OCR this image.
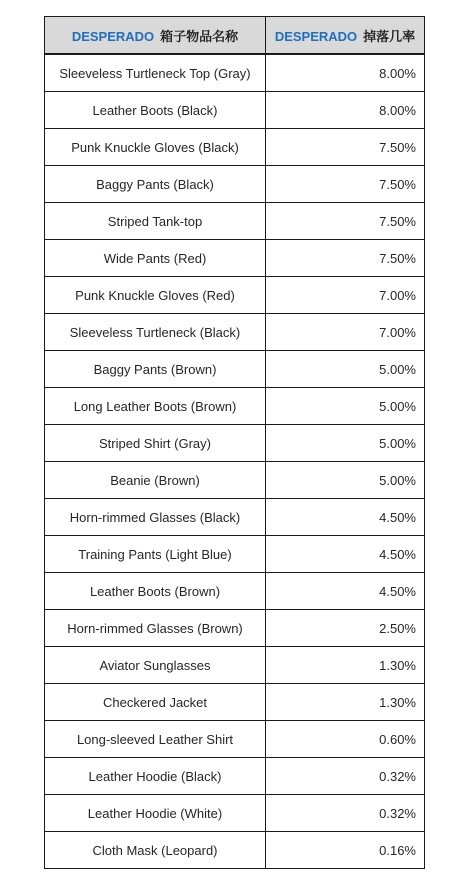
DESPERADO 箱子物品名称	DESPERADO 掉落几率
Sleeveless Turtleneck Top (Gray)	8.00%
Leather Boots (Black)	8.00%
Punk Knuckle Gloves (Black)	7.50%
Baggy Pants (Black)	7.50%
Striped Tank-top	7.50%
Wide Pants (Red)	7.50%
Punk Knuckle Gloves (Red)	7.00%
Sleeveless Turtleneck (Black)	7.00%
Baggy Pants (Brown)	5.00%
Long Leather Boots (Brown)	5.00%
Striped Shirt (Gray)	5.00%
Beanie (Brown)	5.00%
Horn-rimmed Glasses (Black)	4.50%
Training Pants (Light Blue)	4.50%
Leather Boots (Brown)	4.50%
Horn-rimmed Glasses (Brown)	2.50%
Aviator Sunglasses	1.30%
Checkered Jacket	1.30%
Long-sleeved Leather Shirt	0.60%
Leather Hoodie (Black)	0.32%
Leather Hoodie (White)	0.32%
Cloth Mask (Leopard)	0.16%
